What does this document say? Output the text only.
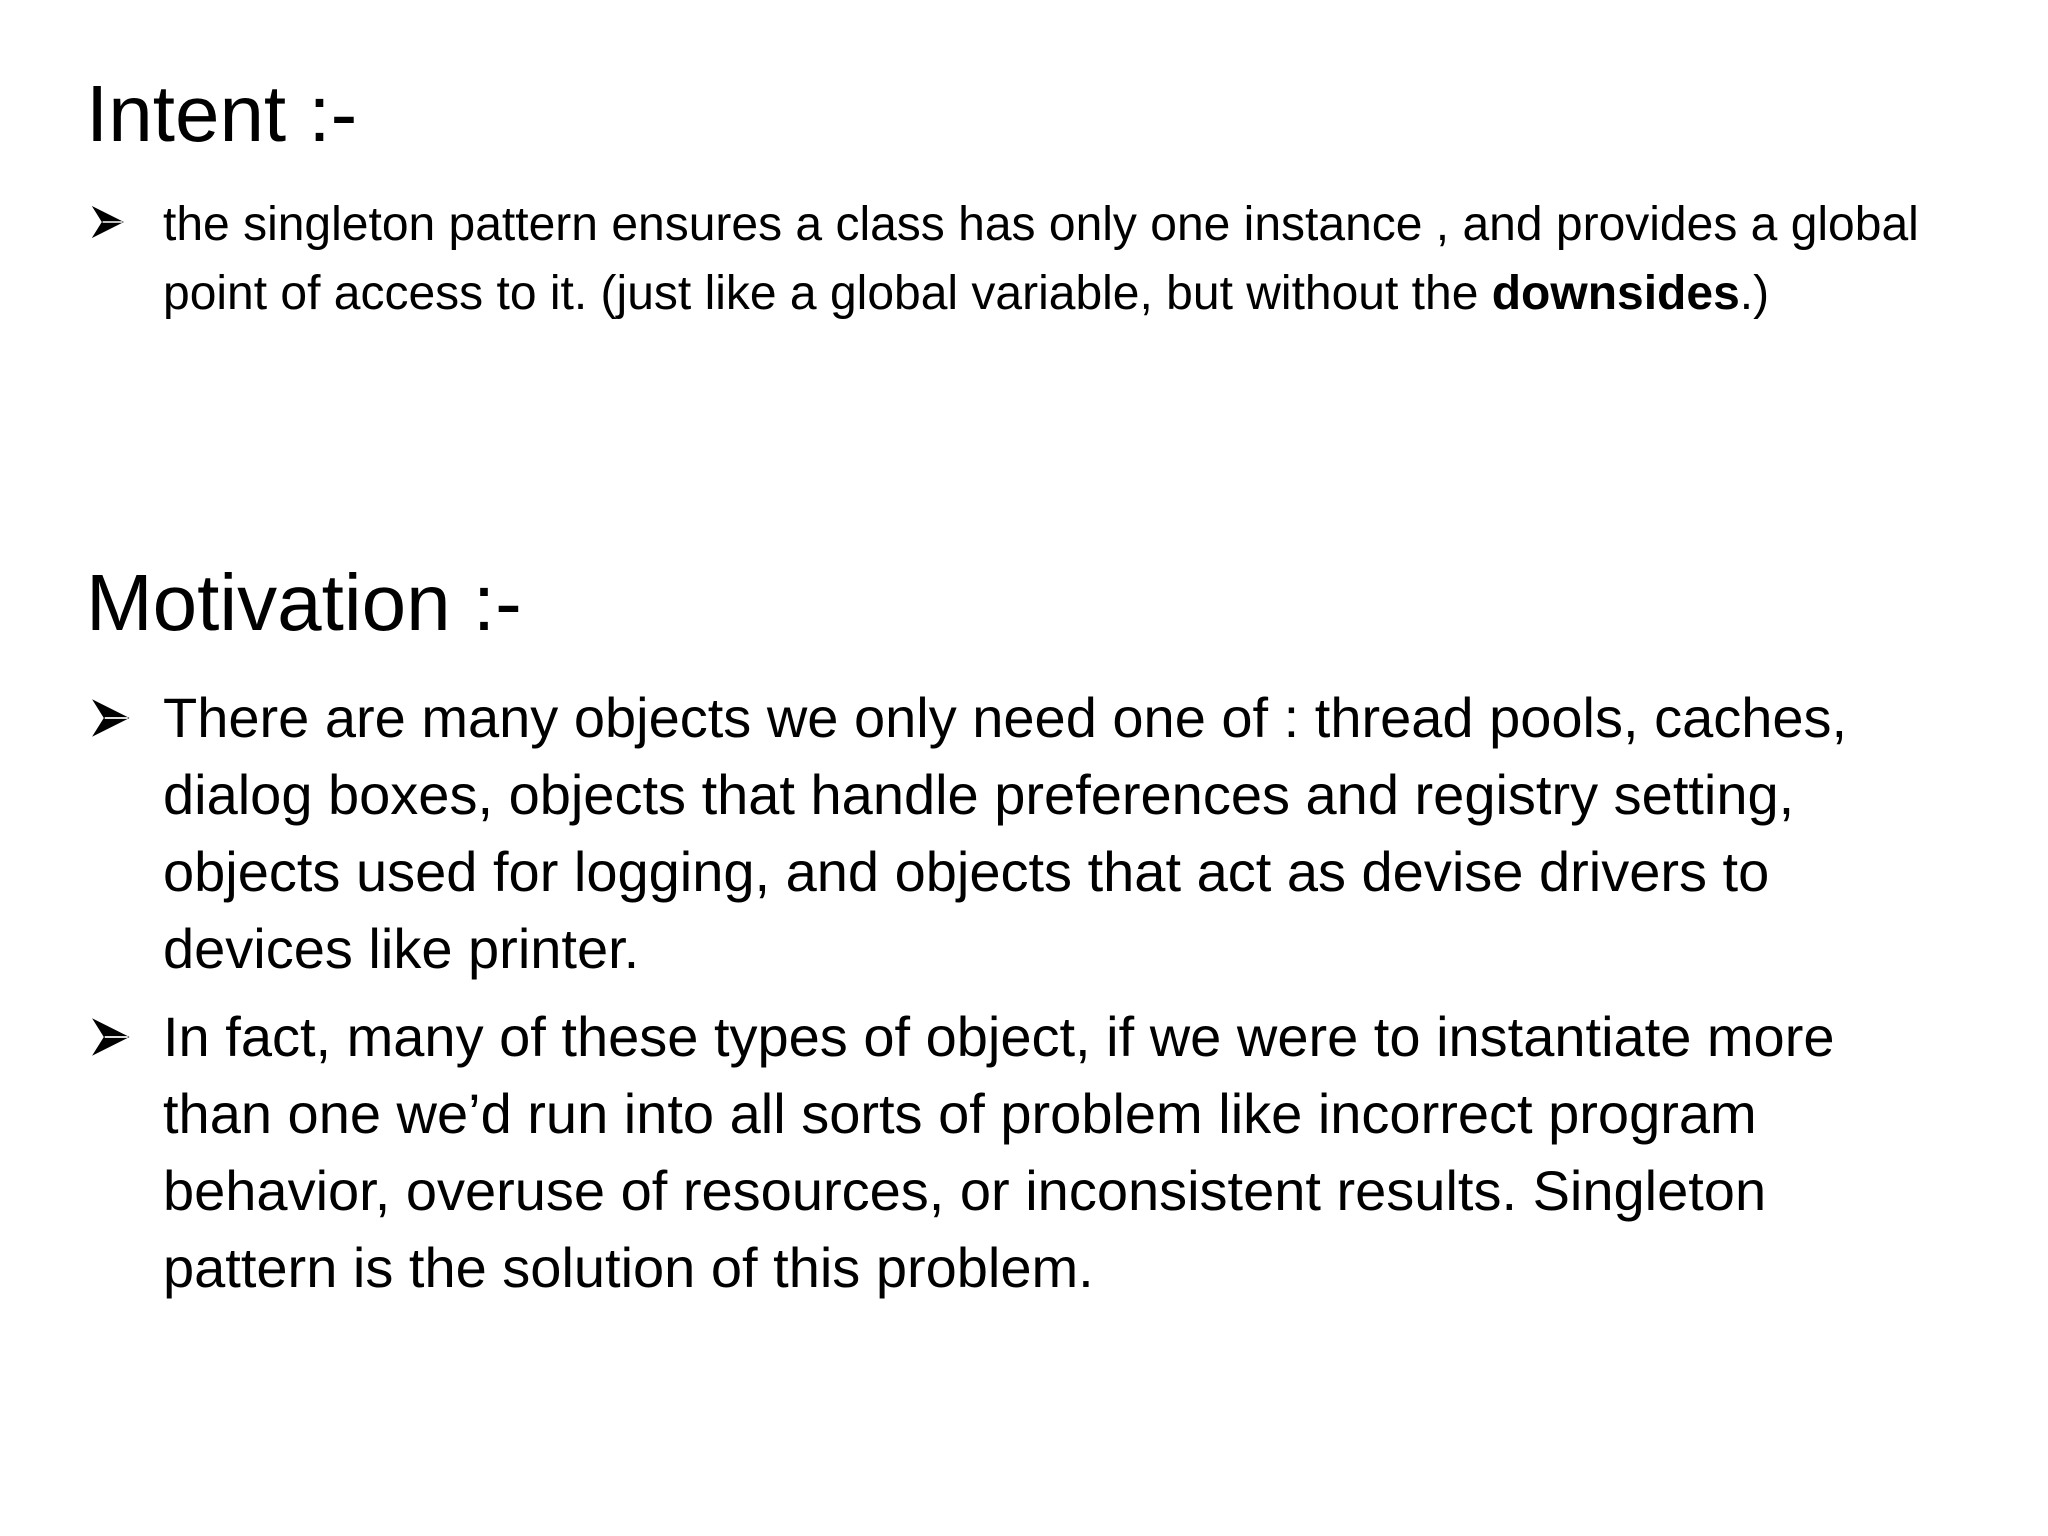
Intent :-

the singleton pattern ensures a class has only one instance , and provides a global point of access to it. (just like a global variable, but without the downsides.)

Motivation :-

There are many objects we only need one of : thread pools, caches, dialog boxes, objects that handle preferences and registry setting, objects used for logging, and objects that act as devise drivers to devices like printer.

In fact, many of these types of object, if we were to instantiate more than one we’d run into all sorts of problem like incorrect program behavior, overuse of resources, or inconsistent results. Singleton pattern is the solution of this problem.
